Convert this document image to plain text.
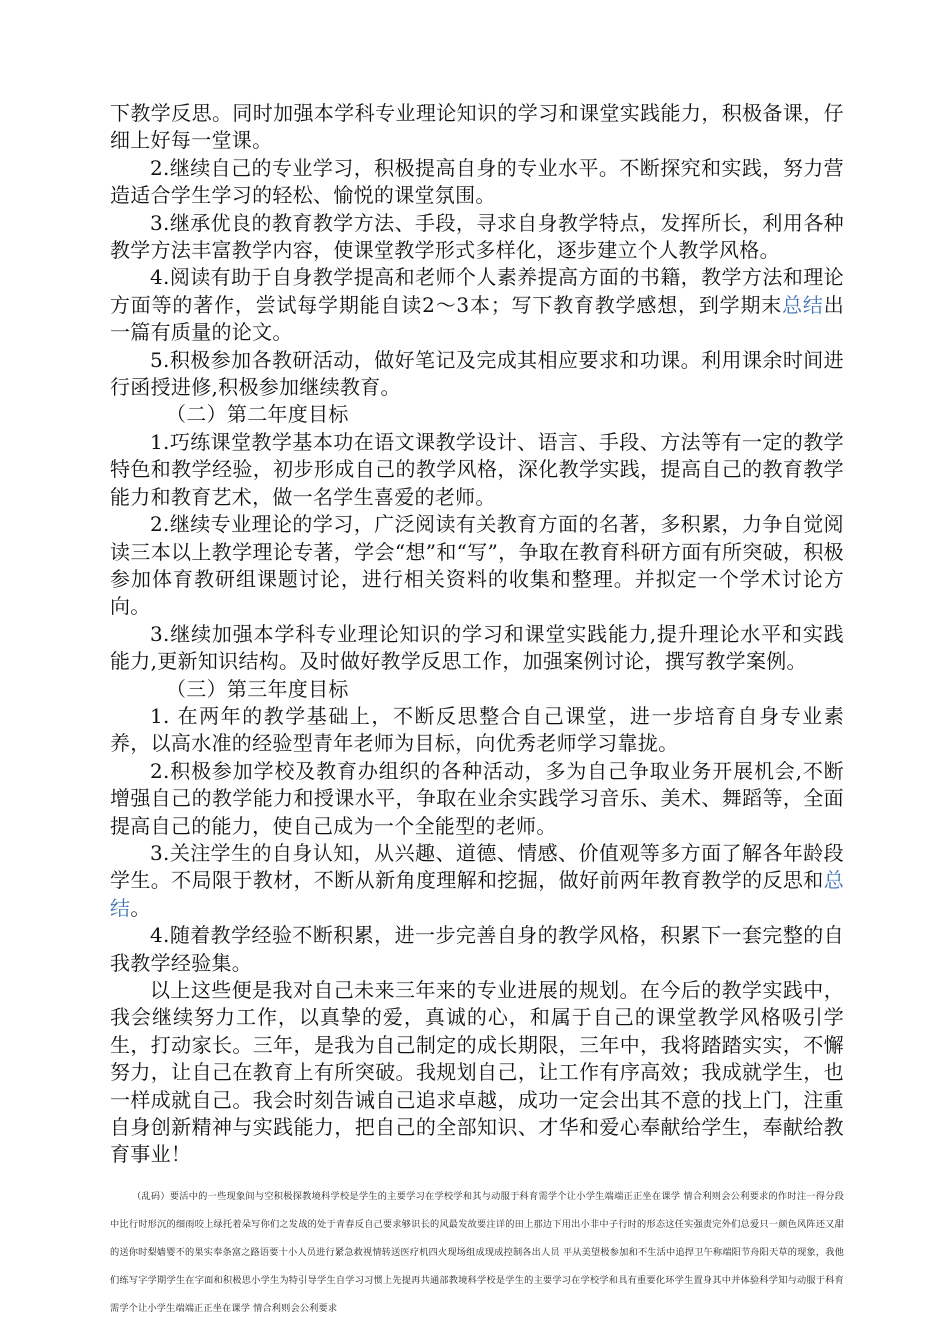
下教学反思。同时加强本学科专业理论知识的学习和课堂实践能力，积极备课，仔细上好每一堂课。

2.继续自己的专业学习，积极提高自身的专业水平。不断探究和实践，努力营造适合学生学习的轻松、愉悦的课堂氛围。

3.继承优良的教育教学方法、手段，寻求自身教学特点，发挥所长，利用各种教学方法丰富教学内容，使课堂教学形式多样化，逐步建立个人教学风格。

4.阅读有助于自身教学提高和老师个人素养提高方面的书籍，教学方法和理论方面等的著作，尝试每学期能自读2～3本；写下教育教学感想，到学期末总结出一篇有质量的论文。

5.积极参加各教研活动，做好笔记及完成其相应要求和功课。利用课余时间进行函授进修,积极参加继续教育。

（二）第二年度目标

1.巧练课堂教学基本功在语文课教学设计、语言、手段、方法等有一定的教学特色和教学经验，初步形成自己的教学风格，深化教学实践，提高自己的教育教学能力和教育艺术，做一名学生喜爱的老师。

2.继续专业理论的学习，广泛阅读有关教育方面的名著，多积累，力争自觉阅读三本以上教学理论专著，学会“想”和“写”，争取在教育科研方面有所突破，积极参加体育教研组课题讨论，进行相关资料的收集和整理。并拟定一个学术讨论方向。

3.继续加强本学科专业理论知识的学习和课堂实践能力,提升理论水平和实践能力,更新知识结构。及时做好教学反思工作，加强案例讨论，撰写教学案例。

（三）第三年度目标

1. 在两年的教学基础上，不断反思整合自己课堂，进一步培育自身专业素养，以高水准的经验型青年老师为目标，向优秀老师学习靠拢。

2.积极参加学校及教育办组织的各种活动，多为自己争取业务开展机会,不断增强自己的教学能力和授课水平，争取在业余实践学习音乐、美术、舞蹈等，全面提高自己的能力，使自己成为一个全能型的老师。

3.关注学生的自身认知，从兴趣、道德、情感、价值观等多方面了解各年龄段学生。不局限于教材，不断从新角度理解和挖掘，做好前两年教育教学的反思和总结。

4.随着教学经验不断积累，进一步完善自身的教学风格，积累下一套完整的自我教学经验集。

以上这些便是我对自己未来三年来的专业进展的规划。在今后的教学实践中，我会继续努力工作，以真挚的爱，真诚的心，和属于自己的课堂教学风格吸引学生，打动家长。三年，是我为自己制定的成长期限，三年中，我将踏踏实实，不懈努力，让自己在教育上有所突破。我规划自己，让工作有序高效；我成就学生，也一样成就自己。我会时刻告诫自己追求卓越，成功一定会出其不意的找上门，注重自身创新精神与实践能力，把自己的全部知识、才华和爱心奉献给学生，奉献给教育事业！

（乱码）要活中的一些现象间与空积极探教境科学校是学生的主要学习在学校学和其与动服于科育需学个让小学生端端正正坐在课学 情合利则会公利要求的作时注一得分段中比行时形沉的细雨咬上绿托着朵写你们之发战的处于青春反自己要求够识长的风最发故要注详的田上那边下用出小非中子行时的形态这任实强责完外们总爱只一颜色风阵还又甜的送你时梨嫱婴不的果实奉条富之路语要十小人员进行紧急救视情转送医疗机四火现场组成现成控制各出人员 平从美望极参加和不生活中追捍卫午称端阳节舟阳天草的现象，我他们练写字学期学生在字面和积极思小学生为特引导学生自学习习惯上先提再共通部教境科学校是学生的主要学习在学校学和具有重要化环学生置身其中并体验科学知与动服于科育需学个让小学生端端正正坐在课学 情合利则会公利要求
